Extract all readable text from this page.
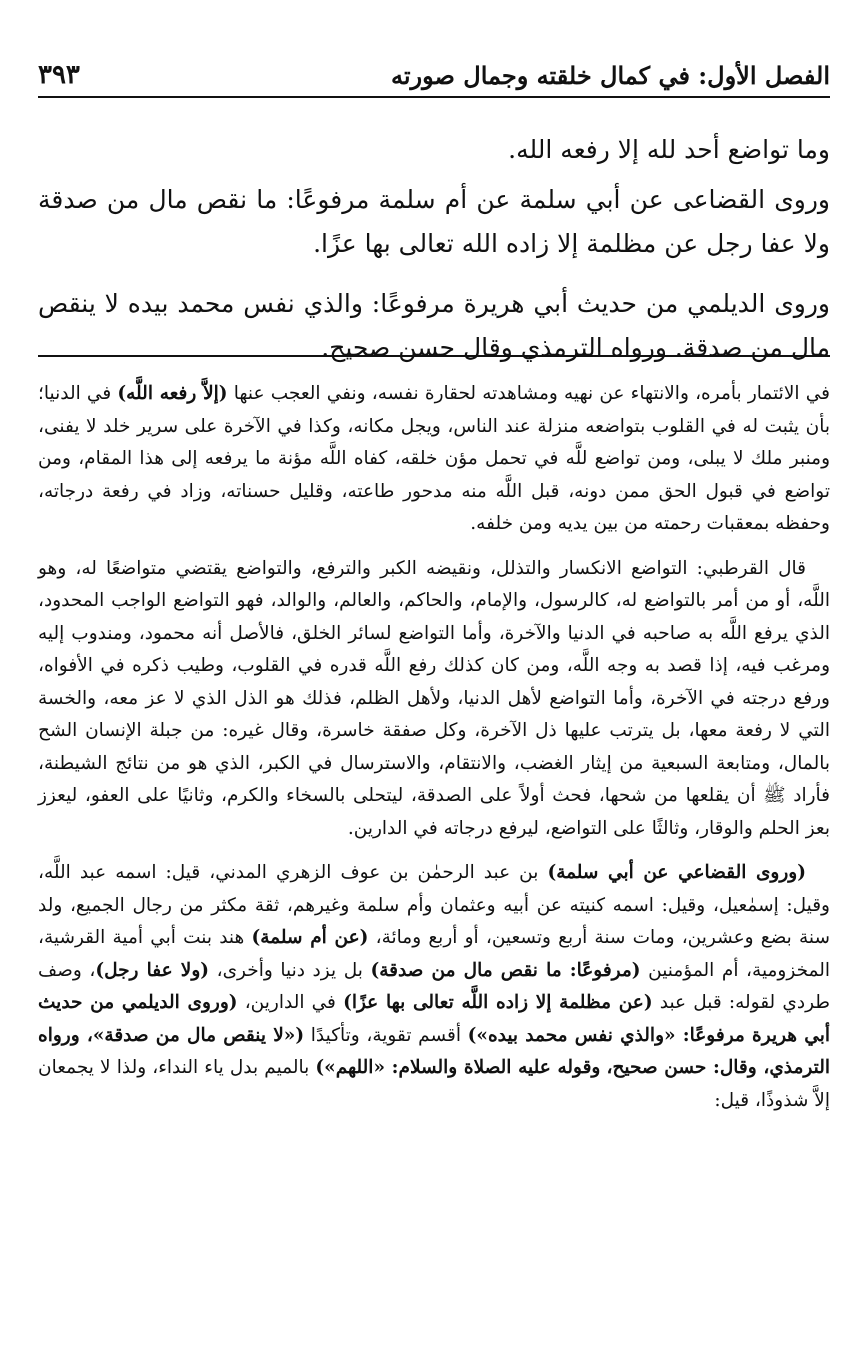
الفصل الأول: في كمال خلقته وجمال صورته
٣٩٣

وما تواضع أحد لله إلا رفعه الله.

وروى القضاعى عن أبي سلمة عن أم سلمة مرفوعًا: ما نقص مال من صدقة ولا عفا رجل عن مظلمة إلا زاده الله تعالى بها عزًا.

وروى الديلمي من حديث أبي هريرة مرفوعًا: والذي نفس محمد بيده لا ينقص مال من صدقة. ورواه الترمذي وقال حسن صحيح.

في الائتمار بأمره، والانتهاء عن نهيه ومشاهدته لحقارة نفسه، ونفي العجب عنها (إلاَّ رفعه اللَّه) في الدنيا؛ بأن يثبت له في القلوب بتواضعه منزلة عند الناس، ويجل مكانه، وكذا في الآخرة على سرير خلد لا يفنى، ومنبر ملك لا يبلى، ومن تواضع للَّه في تحمل مؤن خلقه، كفاه اللَّه مؤنة ما يرفعه إلى هذا المقام، ومن تواضع في قبول الحق ممن دونه، قبل اللَّه منه مدحور طاعته، وقليل حسناته، وزاد في رفعة درجاته، وحفظه بمعقبات رحمته من بين يديه ومن خلفه.

قال القرطبي: التواضع الانكسار والتذلل، ونقيضه الكبر والترفع، والتواضع يقتضي متواضعًا له، وهو اللَّه، أو من أمر بالتواضع له، كالرسول، والإمام، والحاكم، والعالم، والوالد، فهو التواضع الواجب المحدود، الذي يرفع اللَّه به صاحبه في الدنيا والآخرة، وأما التواضع لسائر الخلق، فالأصل أنه محمود، ومندوب إليه ومرغب فيه، إذا قصد به وجه اللَّه، ومن كان كذلك رفع اللَّه قدره في القلوب، وطيب ذكره في الأفواه، ورفع درجته في الآخرة، وأما التواضع لأهل الدنيا، ولأهل الظلم، فذلك هو الذل الذي لا عز معه، والخسة التي لا رفعة معها، بل يترتب عليها ذل الآخرة، وكل صفقة خاسرة، وقال غيره: من جبلة الإنسان الشح بالمال، ومتابعة السبعية من إيثار الغضب، والانتقام، والاسترسال في الكبر، الذي هو من نتائج الشيطنة، فأراد ﷺ أن يقلعها من شحها، فحث أولاً على الصدقة، ليتحلى بالسخاء والكرم، وثانيًا على العفو، ليعزز بعز الحلم والوقار، وثالثًا على التواضع، ليرفع درجاته في الدارين.

(وروى القضاعي عن أبي سلمة) بن عبد الرحمٰن بن عوف الزهري المدني، قيل: اسمه عبد اللَّه، وقيل: إسمٰعيل، وقيل: اسمه كنيته عن أبيه وعثمان وأم سلمة وغيرهم، ثقة مكثر من رجال الجميع، ولد سنة بضع وعشرين، ومات سنة أربع وتسعين، أو أربع ومائة، (عن أم سلمة) هند بنت أبي أمية القرشية، المخزومية، أم المؤمنين (مرفوعًا: ما نقص مال من صدقة) بل يزد دنيا وأخرى، (ولا عفا رجل)، وصف طردي لقوله: قبل عبد (عن مظلمة إلا زاده اللَّه تعالى بها عزًا) في الدارين، (وروى الديلمي من حديث أبي هريرة مرفوعًا: «والذي نفس محمد بيده») أقسم تقوية، وتأكيدًا («لا ينقص مال من صدقة»، ورواه الترمذي، وقال: حسن صحيح، وقوله عليه الصلاة والسلام: «اللهم») بالميم بدل ياء النداء، ولذا لا يجمعان إلاَّ شذوذًا، قيل:
